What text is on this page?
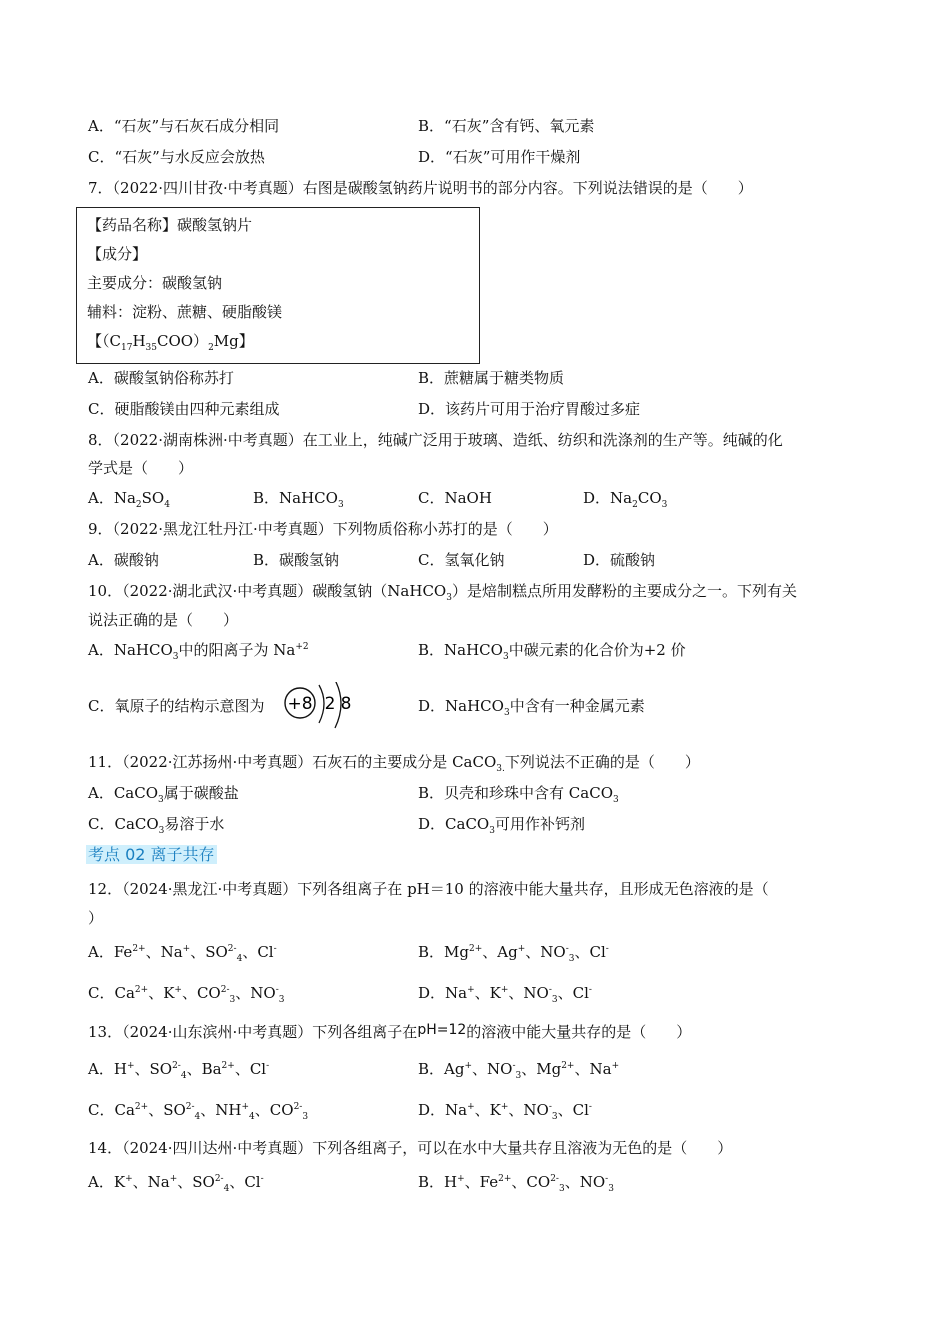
A．“石灰”与石灰石成分相同	B．“石灰”含有钙、氧元素
C．“石灰”与水反应会放热	D．“石灰”可用作干燥剂
7．（2022·四川甘孜·中考真题）右图是碳酸氢钠药片说明书的部分内容。下列说法错误的是（　　）
【药品名称】碳酸氢钠片
【成分】
主要成分：碳酸氢钠
辅料：淀粉、蔗糖、硬脂酸镁
【$(C_{17}H_{35}COO)_2Mg$】
A．碳酸氢钠俗称苏打	B．蔗糖属于糖类物质
C．硬脂酸镁由四种元素组成	D．该药片可用于治疗胃酸过多症
8．（2022·湖南株洲·中考真题）在工业上，纯碱广泛用于玻璃、造纸、纺织和洗涤剂的生产等。纯碱的化
学式是（　　）
A．$Na_2SO_4$	B．NaHCO$_3$	C．NaOH	D．$Na_2CO_3$
9．（2022·黑龙江牡丹江·中考真题）下列物质俗称小苏打的是（　　）
A．碳酸钠	B．碳酸氢钠	C．氢氧化钠	D．硫酸钠
10．（2022·湖北武汉·中考真题）碳酸氢钠（NaHCO$_3$）是焙制糕点所用发酵粉的主要成分之一。下列有关
说法正确的是（　　）
A．NaHCO$_3$中的阳离子为 $Na^{+2}$	B．NaHCO$_3$中碳元素的化合价为+2 价
C．氧原子的结构示意图为 +8 2 8	D．NaHCO$_3$中含有一种金属元素
11．（2022·江苏扬州·中考真题）石灰石的主要成分是 CaCO$_{3.}$下列说法不正确的是（　　）
A．CaCO$_3$属于碳酸盐	B．贝壳和珍珠中含有 CaCO$_3$
C．CaCO$_3$易溶于水	D．CaCO$_3$可用作补钙剂
考点 02 离子共存
12．（2024·黑龙江·中考真题）下列各组离子在 pH＝10 的溶液中能大量共存，且形成无色溶液的是（
）
A．$Fe^{2+}$、Na+、$SO^{2-}_4$、Cl-	B．$Mg^{2+}$、Ag+、$NO^-_3$、Cl-
C．$Ca^{2+}$、K+、$CO^{2-}_3$、$NO^-_3$	D．Na+、K+、$NO^-_3$、Cl-
13．（2024·山东滨州·中考真题）下列各组离子在pH=12的溶液中能大量共存的是（　　）
A．H+、$SO^{2-}_4$、$Ba^{2+}$、Cl-	B．Ag+、$NO^-_3$、$Mg^{2+}$、Na+
C．$Ca^{2+}$、$SO^{2-}_4$、$NH^+_4$、$CO^{2-}_3$	D．Na+、K+、$NO^-_3$、Cl-
14．（2024·四川达州·中考真题）下列各组离子，可以在水中大量共存且溶液为无色的是（　　）
A．K+、Na+、$SO^{2-}_4$、Cl-	B．H+、$Fe^{2+}$、$CO^{2-}_3$、$NO^-_3$
